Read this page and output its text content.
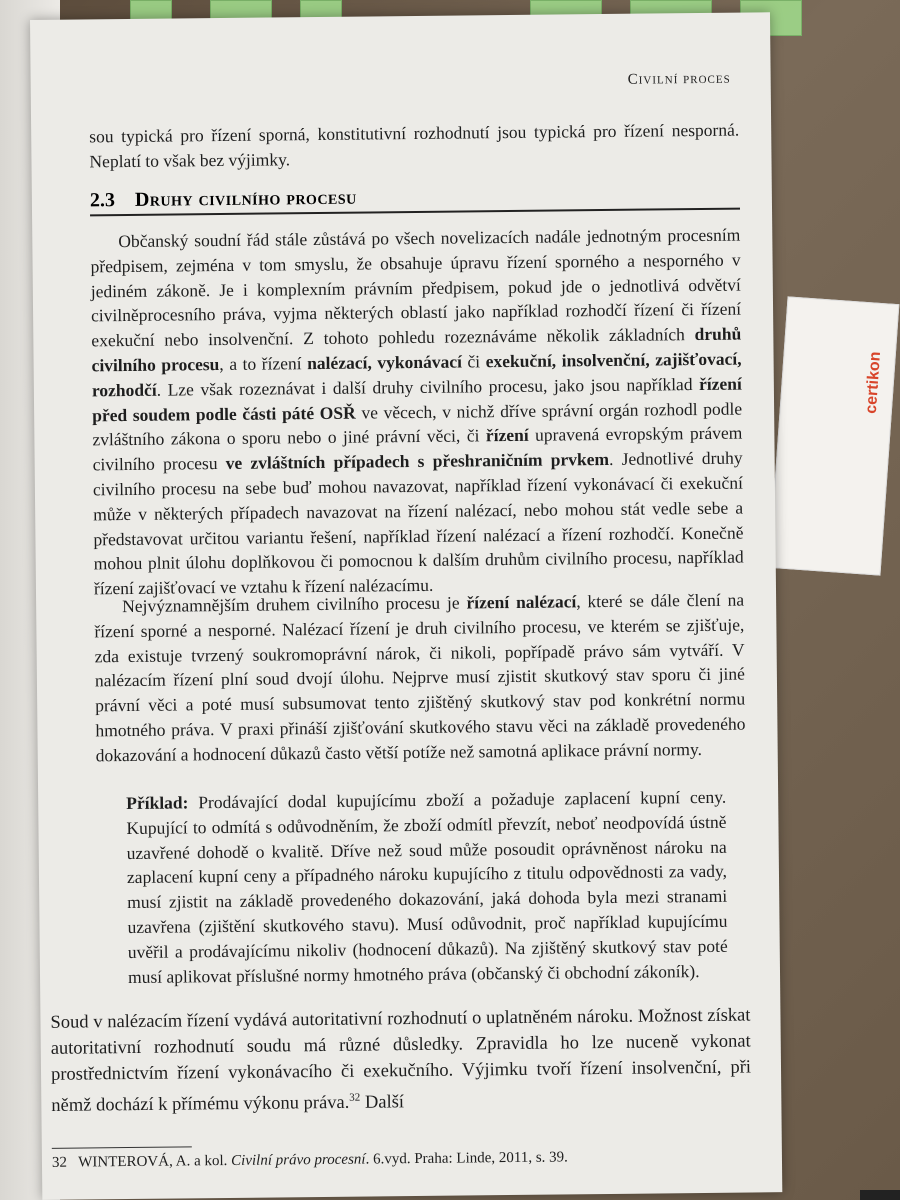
certikon
Civilní proces
sou typická pro řízení sporná, konstitutivní rozhodnutí jsou typická pro řízení nesporná. Neplatí to však bez výjimky.
2.3 Druhy civilního procesu
Občanský soudní řád stále zůstává po všech novelizacích nadále jednotným procesním předpisem, zejména v tom smyslu, že obsahuje úpravu řízení sporného a nesporného v jediném zákoně. Je i komplexním právním předpisem, pokud jde o jednotlivá odvětví civilněprocesního práva, vyjma některých oblastí jako například rozhodčí řízení či řízení exekuční nebo insolvenční. Z tohoto pohledu rozeznáváme několik základních druhů civilního procesu, a to řízení nalézací, vykonávací či exekuční, insolvenční, zajišťovací, rozhodčí. Lze však rozeznávat i další druhy civilního procesu, jako jsou například řízení před soudem podle části páté OSŘ ve věcech, v nichž dříve správní orgán rozhodl podle zvláštního zákona o sporu nebo o jiné právní věci, či řízení upravená evropským právem civilního procesu ve zvláštních případech s přeshraničním prvkem. Jednotlivé druhy civilního procesu na sebe buď mohou navazovat, například řízení vykonávací či exekuční může v některých případech navazovat na řízení nalézací, nebo mohou stát vedle sebe a představovat určitou variantu řešení, například řízení nalézací a řízení rozhodčí. Konečně mohou plnit úlohu doplňkovou či pomocnou k dalším druhům civilního procesu, například řízení zajišťovací ve vztahu k řízení nalézacímu.
Nejvýznamnějším druhem civilního procesu je řízení nalézací, které se dále člení na řízení sporné a nesporné. Nalézací řízení je druh civilního procesu, ve kterém se zjišťuje, zda existuje tvrzený soukromoprávní nárok, či nikoli, popřípadě právo sám vytváří. V nalézacím řízení plní soud dvojí úlohu. Nejprve musí zjistit skutkový stav sporu či jiné právní věci a poté musí subsumovat tento zjištěný skutkový stav pod konkrétní normu hmotného práva. V praxi přináší zjišťování skutkového stavu věci na základě provedeného dokazování a hodnocení důkazů často větší potíže než samotná aplikace právní normy.
Příklad: Prodávající dodal kupujícímu zboží a požaduje zaplacení kupní ceny. Kupující to odmítá s odůvodněním, že zboží odmítl převzít, neboť neodpovídá ústně uzavřené dohodě o kvalitě. Dříve než soud může posoudit oprávněnost nároku na zaplacení kupní ceny a případného nároku kupujícího z titulu odpovědnosti za vady, musí zjistit na základě provedeného dokazování, jaká dohoda byla mezi stranami uzavřena (zjištění skutkového stavu). Musí odůvodnit, proč například kupujícímu uvěřil a prodávajícímu nikoliv (hodnocení důkazů). Na zjištěný skutkový stav poté musí aplikovat příslušné normy hmotného práva (občanský či obchodní zákoník).
Soud v nalézacím řízení vydává autoritativní rozhodnutí o uplatněném nároku. Možnost získat autoritativní rozhodnutí soudu má různé důsledky. Zpravidla ho lze nuceně vykonat prostřednictvím řízení vykonávacího či exekučního. Výjimku tvoří řízení insolvenční, při němž dochází k přímému výkonu práva.$^{32}$ Další
32 WINTEROVÁ, A. a kol. Civilní právo procesní. 6.vyd. Praha: Linde, 2011, s. 39.
